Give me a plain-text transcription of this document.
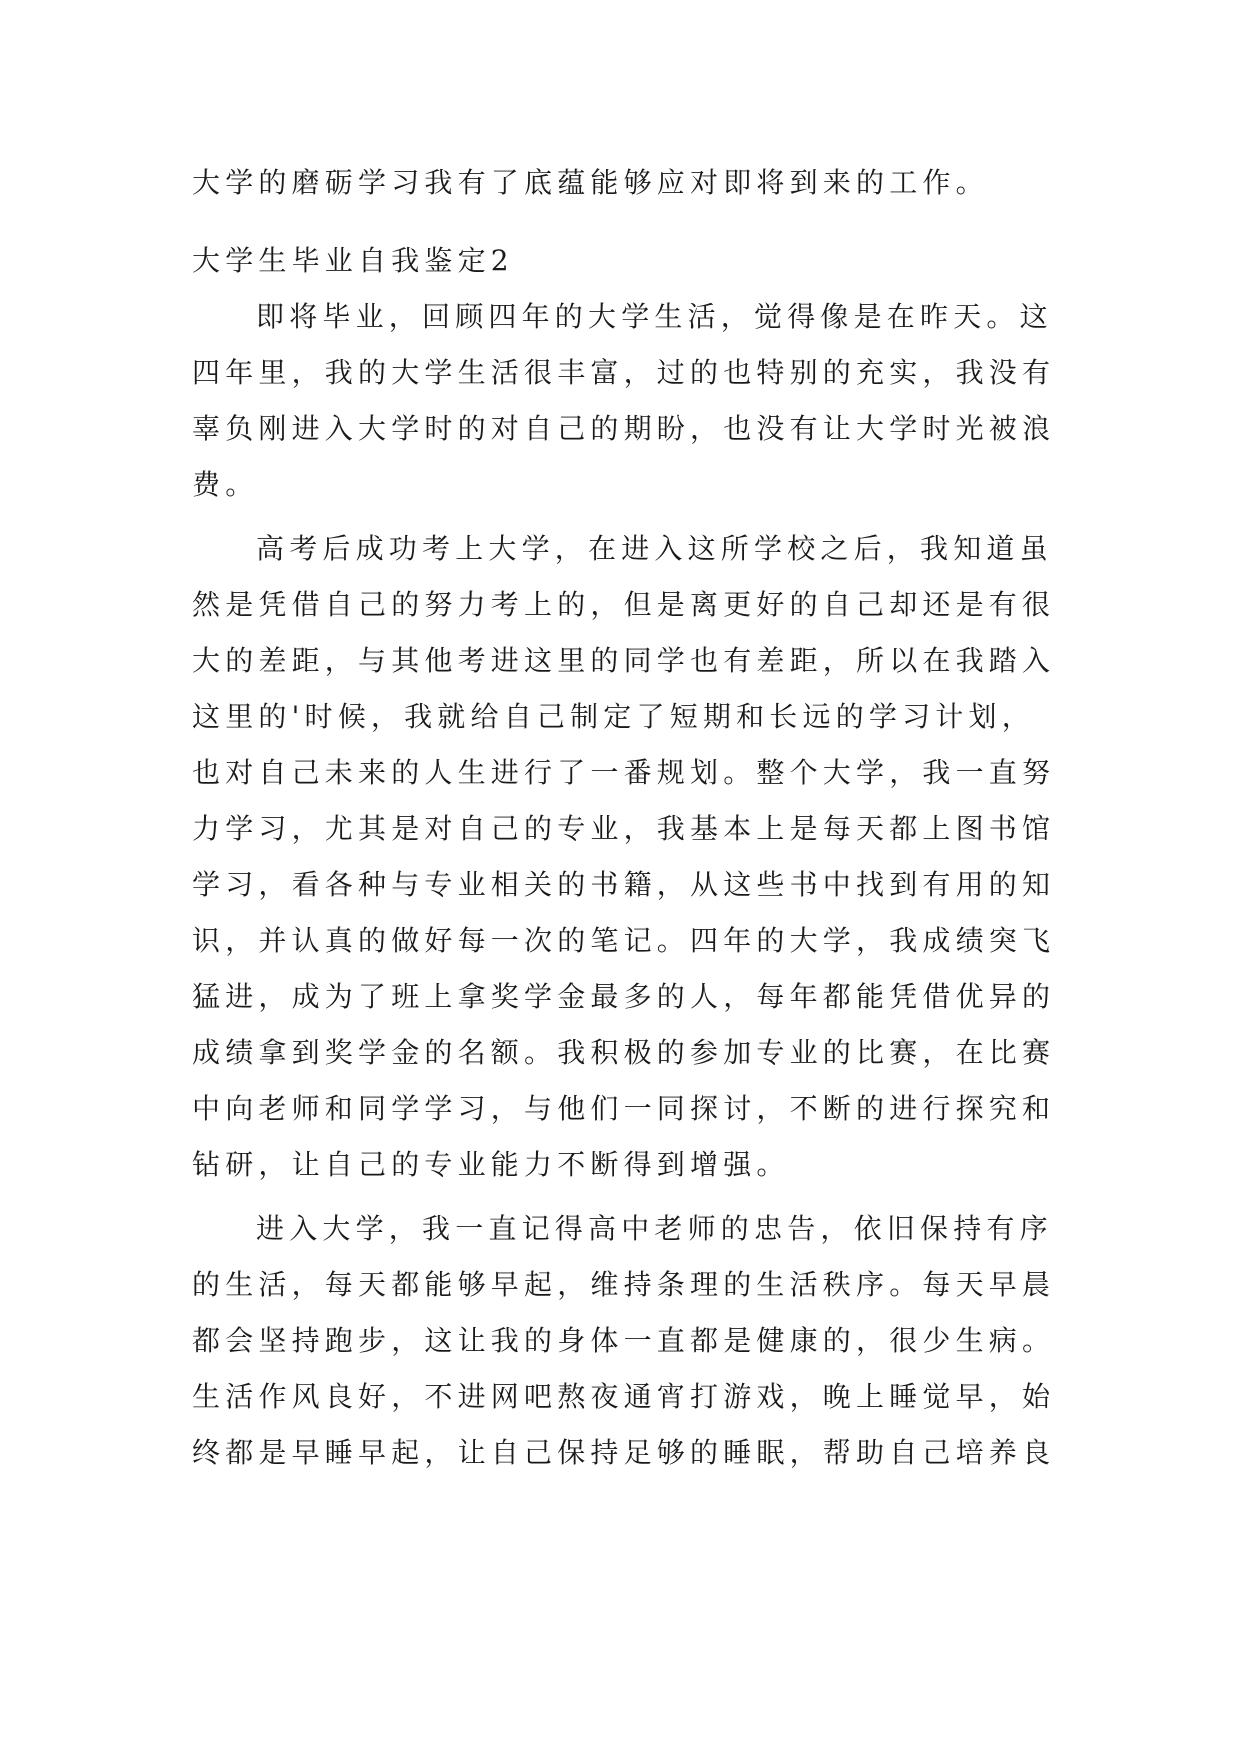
大学的磨砺学习我有了底蕴能够应对即将到来的工作。
大学生毕业自我鉴定2
即将毕业，回顾四年的大学生活，觉得像是在昨天。这
四年里，我的大学生活很丰富，过的也特别的充实，我没有
辜负刚进入大学时的对自己的期盼，也没有让大学时光被浪
费。
高考后成功考上大学，在进入这所学校之后，我知道虽
然是凭借自己的努力考上的，但是离更好的自己却还是有很
大的差距，与其他考进这里的同学也有差距，所以在我踏入
这里的'时候，我就给自己制定了短期和长远的学习计划，
也对自己未来的人生进行了一番规划。整个大学，我一直努
力学习，尤其是对自己的专业，我基本上是每天都上图书馆
学习，看各种与专业相关的书籍，从这些书中找到有用的知
识，并认真的做好每一次的笔记。四年的大学，我成绩突飞
猛进，成为了班上拿奖学金最多的人，每年都能凭借优异的
成绩拿到奖学金的名额。我积极的参加专业的比赛，在比赛
中向老师和同学学习，与他们一同探讨，不断的进行探究和
钻研，让自己的专业能力不断得到增强。
进入大学，我一直记得高中老师的忠告，依旧保持有序
的生活，每天都能够早起，维持条理的生活秩序。每天早晨
都会坚持跑步，这让我的身体一直都是健康的，很少生病。
生活作风良好，不进网吧熬夜通宵打游戏，晚上睡觉早，始
终都是早睡早起，让自己保持足够的睡眠，帮助自己培养良
